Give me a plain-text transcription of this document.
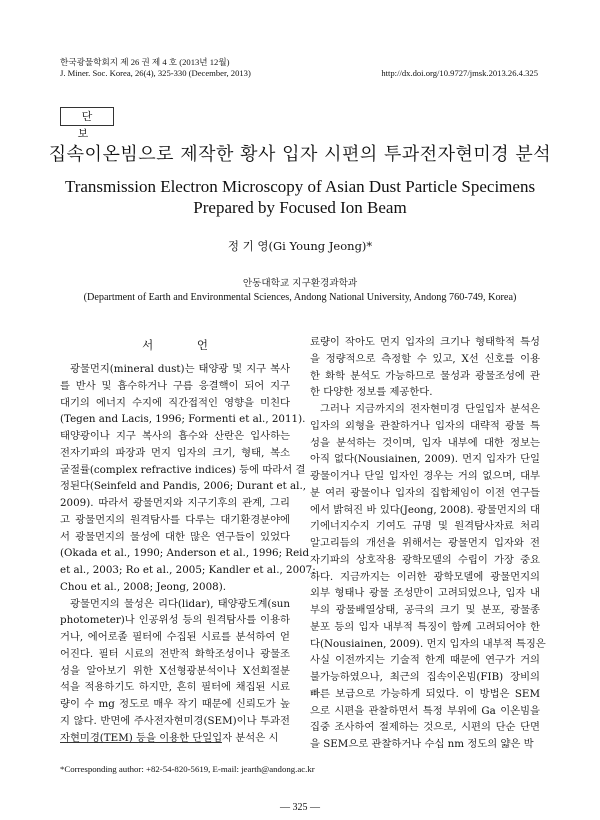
한국광물학회지 제 26 권 제 4 호 (2013년 12월)
J. Miner. Soc. Korea, 26(4), 325-330 (December, 2013)	http://dx.doi.org/10.9727/jmsk.2013.26.4.325
단 보
집속이온빔으로 제작한 황사 입자 시편의 투과전자현미경 분석
Transmission Electron Microscopy of Asian Dust Particle Specimens
Prepared by Focused Ion Beam
정 기 영(Gi Young Jeong)*
안동대학교 지구환경과학과
(Department of Earth and Environmental Sciences, Andong National University, Andong 760-749, Korea)
서 언
광물먼지(mineral dust)는 태양광 및 지구 복사
를 반사 및 흡수하거나 구름 응결핵이 되어 지구
대기의 에너지 수지에 직간접적인 영향을 미친다
(Tegen and Lacis, 1996; Formenti et al., 2011).
태양광이나 지구 복사의 흡수와 산란은 입사하는
전자기파의 파장과 먼지 입자의 크기, 형태, 복소
굴절률(complex refractive indices) 등에 따라서 결
정된다(Seinfeld and Pandis, 2006; Durant et al.,
2009). 따라서 광물먼지와 지구기후의 관계, 그리
고 광물먼지의 원격탐사를 다루는 대기환경분야에
서 광물먼지의 물성에 대한 많은 연구들이 있었다
(Okada et al., 1990; Anderson et al., 1996; Reid
et al., 2003; Ro et al., 2005; Kandler et al., 2007;
Chou et al., 2008; Jeong, 2008).
광물먼지의 물성은 리다(lidar), 태양광도계(sun
photometer)나 인공위성 등의 원격탐사를 이용하
거나, 에어로졸 필터에 수집된 시료를 분석하여 얻
어진다. 필터 시료의 전반적 화학조성이나 광물조
성을 알아보기 위한 X선형광분석이나 X선회절분
석을 적용하기도 하지만, 흔히 필터에 채집된 시료
량이 수 mg 정도로 매우 작기 때문에 신뢰도가 높
지 않다. 반면에 주사전자현미경(SEM)이나 투과전
자현미경(TEM) 등을 이용한 단일입자 분석은 시
료량이 작아도 먼지 입자의 크기나 형태학적 특성
을 정량적으로 측정할 수 있고, X선 신호를 이용
한 화학 분석도 가능하므로 물성과 광물조성에 관
한 다양한 정보를 제공한다.
그러나 지금까지의 전자현미경 단일입자 분석은
입자의 외형을 관찰하거나 입자의 대략적 광물 특
성을 분석하는 것이며, 입자 내부에 대한 정보는
아직 없다(Nousiainen, 2009). 먼지 입자가 단일
광물이거나 단일 입자인 경우는 거의 없으며, 대부
분 여러 광물이나 입자의 집합체임이 이전 연구들
에서 밝혀진 바 있다(Jeong, 2008). 광물먼지의 대
기에너지수지 기여도 규명 및 원격탐사자료 처리
알고리듬의 개선을 위해서는 광물먼지 입자와 전
자기파의 상호작용 광학모델의 수립이 가장 중요
하다. 지금까지는 이러한 광학모델에 광물먼지의
외부 형태나 광물 조성만이 고려되었으나, 입자 내
부의 광물배열상태, 공극의 크기 및 분포, 광물종
분포 등의 입자 내부적 특징이 함께 고려되어야 한
다(Nousiainen, 2009). 먼지 입자의 내부적 특징은
사실 이전까지는 기술적 한계 때문에 연구가 거의
불가능하였으나, 최근의 집속이온빔(FIB) 장비의
빠른 보급으로 가능하게 되었다. 이 방법은 SEM
으로 시편을 관찰하면서 특정 부위에 Ga 이온빔을
집중 조사하여 절제하는 것으로, 시편의 단순 단면
을 SEM으로 관찰하거나 수십 nm 정도의 얇은 박
*Corresponding author: +82-54-820-5619, E-mail: jearth@andong.ac.kr
— 325 —
